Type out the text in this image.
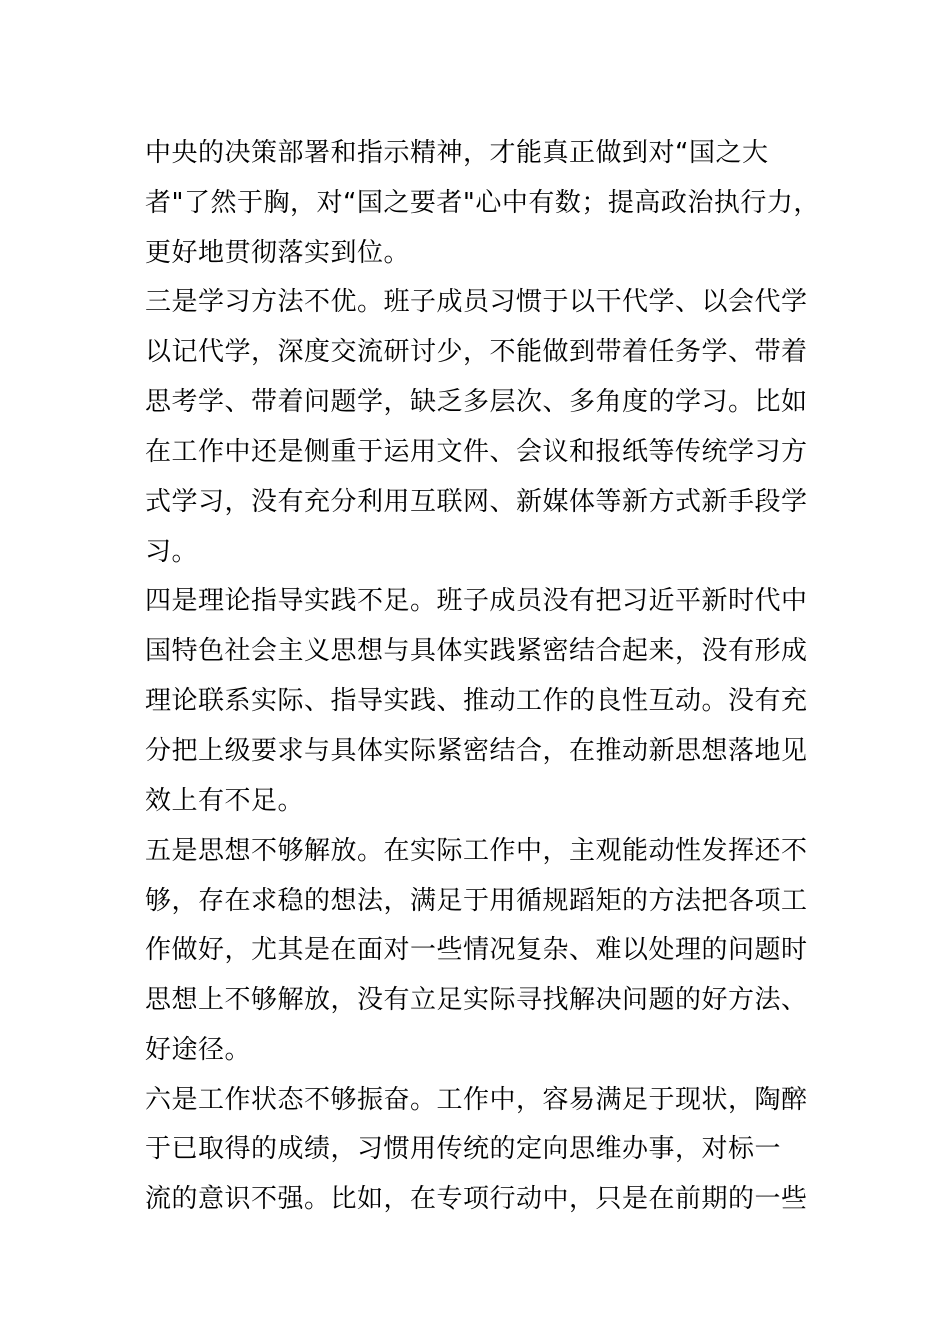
中央的决策部署和指示精神，才能真正做到对“国之大
者"了然于胸，对“国之要者"心中有数；提高政治执行力，
更好地贯彻落实到位。
三是学习方法不优。班子成员习惯于以干代学、以会代学
以记代学，深度交流研讨少，不能做到带着任务学、带着
思考学、带着问题学，缺乏多层次、多角度的学习。比如
在工作中还是侧重于运用文件、会议和报纸等传统学习方
式学习，没有充分利用互联网、新媒体等新方式新手段学
习。
四是理论指导实践不足。班子成员没有把习近平新时代中
国特色社会主义思想与具体实践紧密结合起来，没有形成
理论联系实际、指导实践、推动工作的良性互动。没有充
分把上级要求与具体实际紧密结合，在推动新思想落地见
效上有不足。
五是思想不够解放。在实际工作中，主观能动性发挥还不
够，存在求稳的想法，满足于用循规蹈矩的方法把各项工
作做好，尤其是在面对一些情况复杂、难以处理的问题时
思想上不够解放，没有立足实际寻找解决问题的好方法、
好途径。
六是工作状态不够振奋。工作中，容易满足于现状，陶醉
于已取得的成绩，习惯用传统的定向思维办事，对标一
流的意识不强。比如，在专项行动中，只是在前期的一些
